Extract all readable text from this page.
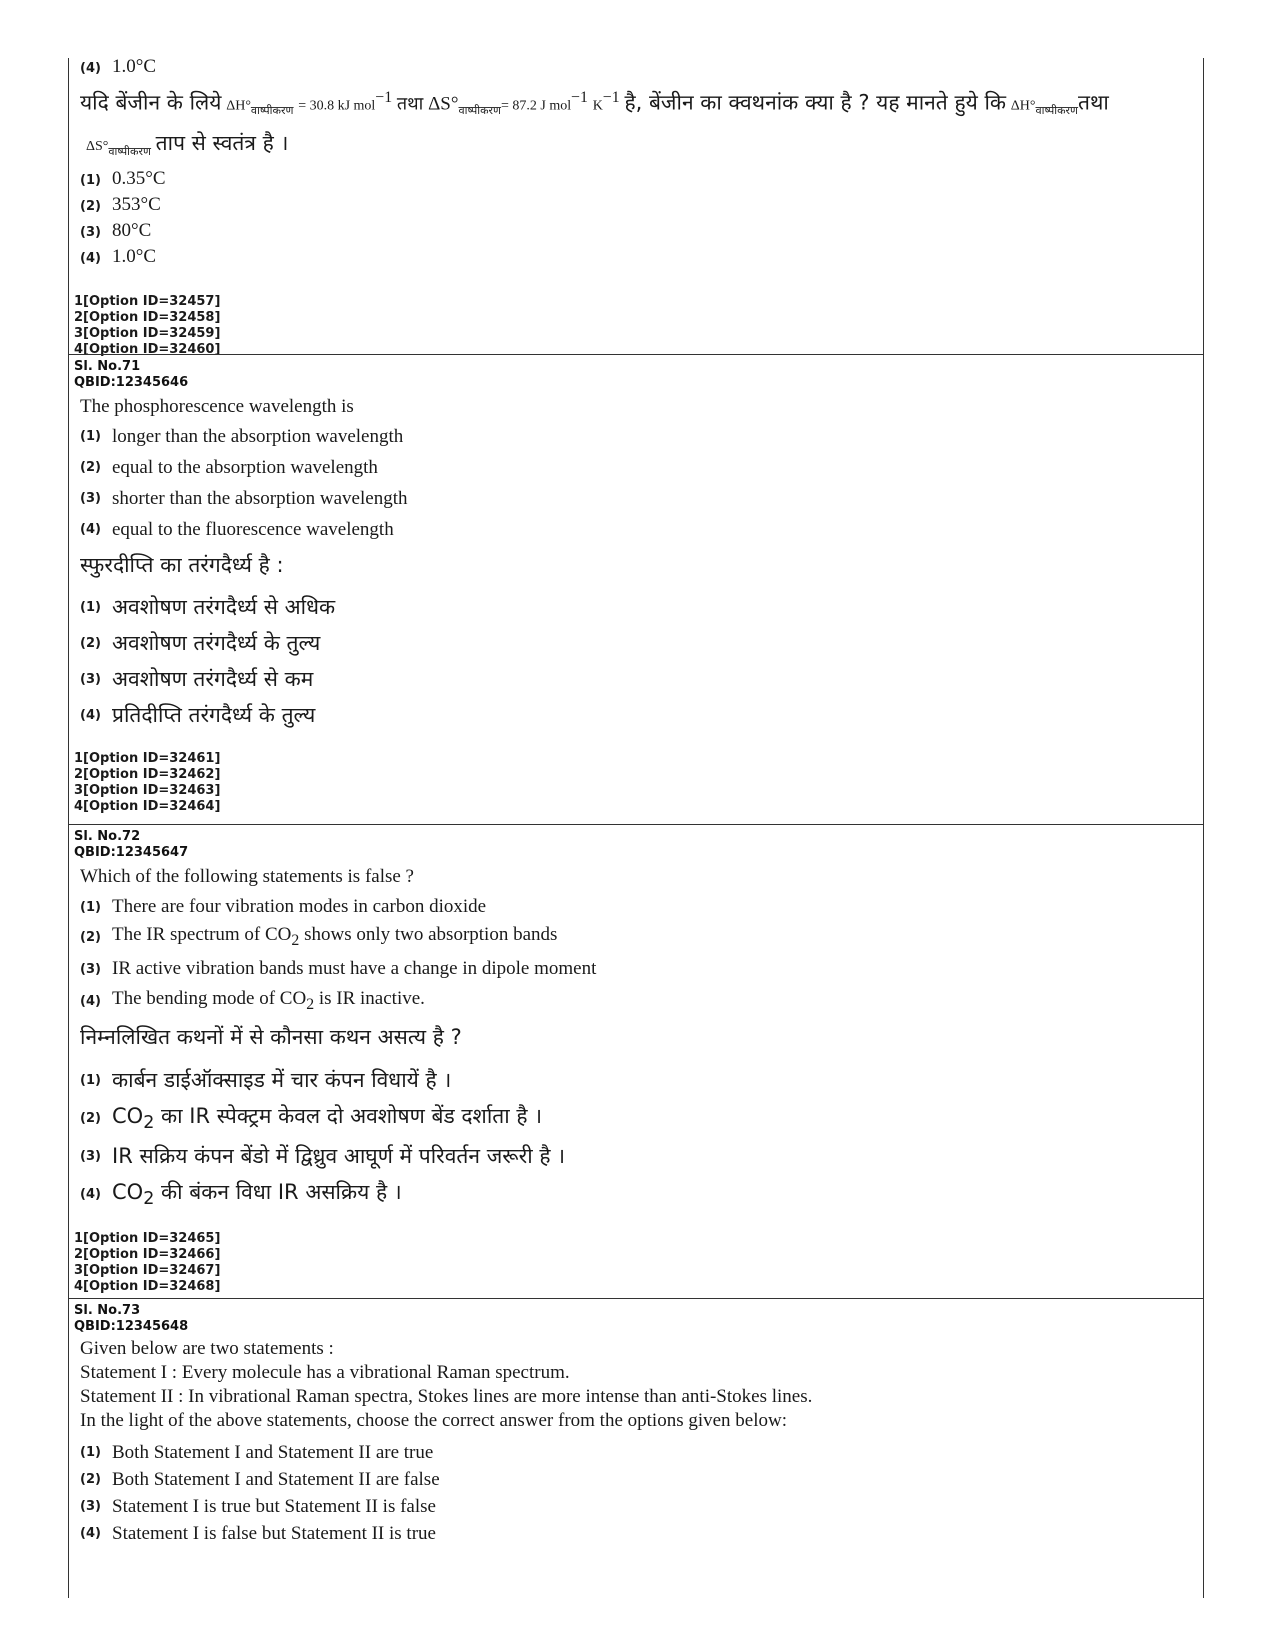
(4) 1.0°C
यदि बेंजीन के लिये $\Delta H^\circ_{वाष्पीकरण} = 30.8$ kJ mol$^{-1}$ तथा $\Delta S^\circ_{वाष्पीकरण}= 87.2$ J mol$^{-1}$ $K^{-1}$ है, बेंजीन का क्वथनांक क्या है ? यह मानते हुये कि $\Delta H^\circ_{वाष्पीकरण}तथा$
$\Delta S^\circ_{वाष्पीकरण}$ ताप से स्वतंत्र है ।
(1) 0.35°C
(2) 353°C
(3) 80°C
(4) 1.0°C
1[Option ID=32457]
2[Option ID=32458]
3[Option ID=32459]
4[Option ID=32460]
Sl. No.71
QBID:12345646
The phosphorescence wavelength is
(1) longer than the absorption wavelength
(2) equal to the absorption wavelength
(3) shorter than the absorption wavelength
(4) equal to the fluorescence wavelength
स्फुरदीप्ति का तरंगदैर्ध्य है :
(1) अवशोषण तरंगदैर्ध्य से अधिक
(2) अवशोषण तरंगदैर्ध्य के तुल्य
(3) अवशोषण तरंगदैर्ध्य से कम
(4) प्रतिदीप्ति तरंगदैर्ध्य के तुल्य
1[Option ID=32461]
2[Option ID=32462]
3[Option ID=32463]
4[Option ID=32464]
Sl. No.72
QBID:12345647
Which of the following statements is false ?
(1) There are four vibration modes in carbon dioxide
(2) The IR spectrum of $CO_2$ shows only two absorption bands
(3) IR active vibration bands must have a change in dipole moment
(4) The bending mode of $CO_2$ is IR inactive.
निम्नलिखित कथनों में से कौनसा कथन असत्य है ?
(1) कार्बन डाईऑक्साइड में चार कंपन विधायें है ।
(2) $CO_2$ का IR स्पेक्ट्रम केवल दो अवशोषण बेंड दर्शाता है ।
(3) IR सक्रिय कंपन बेंडो में द्विध्रुव आघूर्ण में परिवर्तन जरूरी है ।
(4) $CO_2$ की बंकन विधा IR असक्रिय है ।
1[Option ID=32465]
2[Option ID=32466]
3[Option ID=32467]
4[Option ID=32468]
Sl. No.73
QBID:12345648
Given below are two statements :
Statement I : Every molecule has a vibrational Raman spectrum.
Statement II : In vibrational Raman spectra, Stokes lines are more intense than anti-Stokes lines.
In the light of the above statements, choose the correct answer from the options given below:
(1) Both Statement I and Statement II are true
(2) Both Statement I and Statement II are false
(3) Statement I is true but Statement II is false
(4) Statement I is false but Statement II is true
